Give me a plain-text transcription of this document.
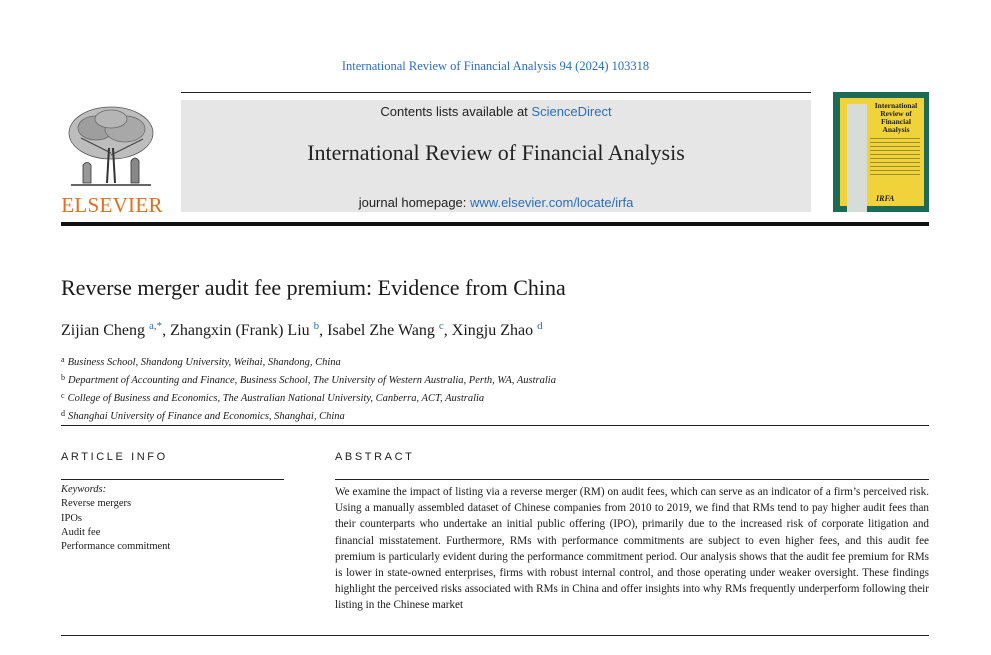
International Review of Financial Analysis 94 (2024) 103318
ELSEVIER
Contents lists available at ScienceDirect
International Review of Financial Analysis
journal homepage: www.elsevier.com/locate/irfa
International Review of Financial Analysis
IRFA
Reverse merger audit fee premium: Evidence from China
Zijian Cheng $^{a,*}$, Zhangxin (Frank) Liu $^b$, Isabel Zhe Wang $^c$, Xingju Zhao $^d$
$^a$ Business School, Shandong University, Weihai, Shandong, China
$^b$ Department of Accounting and Finance, Business School, The University of Western Australia, Perth, WA, Australia
$^c$ College of Business and Economics, The Australian National University, Canberra, ACT, Australia
$^d$ Shanghai University of Finance and Economics, Shanghai, China
ARTICLE INFO
Keywords:
Reverse mergers
IPOs
Audit fee
Performance commitment
ABSTRACT
We examine the impact of listing via a reverse merger (RM) on audit fees, which can serve as an indicator of a firm’s perceived risk. Using a manually assembled dataset of Chinese companies from 2010 to 2019, we find that RMs tend to pay higher audit fees than their counterparts who undertake an initial public offering (IPO), primarily due to the increased risk of corporate litigation and financial misstatement. Furthermore, RMs with performance commitments are subject to even higher fees, and this audit fee premium is particularly evident during the performance commitment period. Our analysis shows that the audit fee premium for RMs is lower in state-owned enterprises, firms with robust internal control, and those operating under weaker oversight. These findings highlight the perceived risks associated with RMs in China and offer insights into why RMs frequently underperform following their listing in the Chinese market
